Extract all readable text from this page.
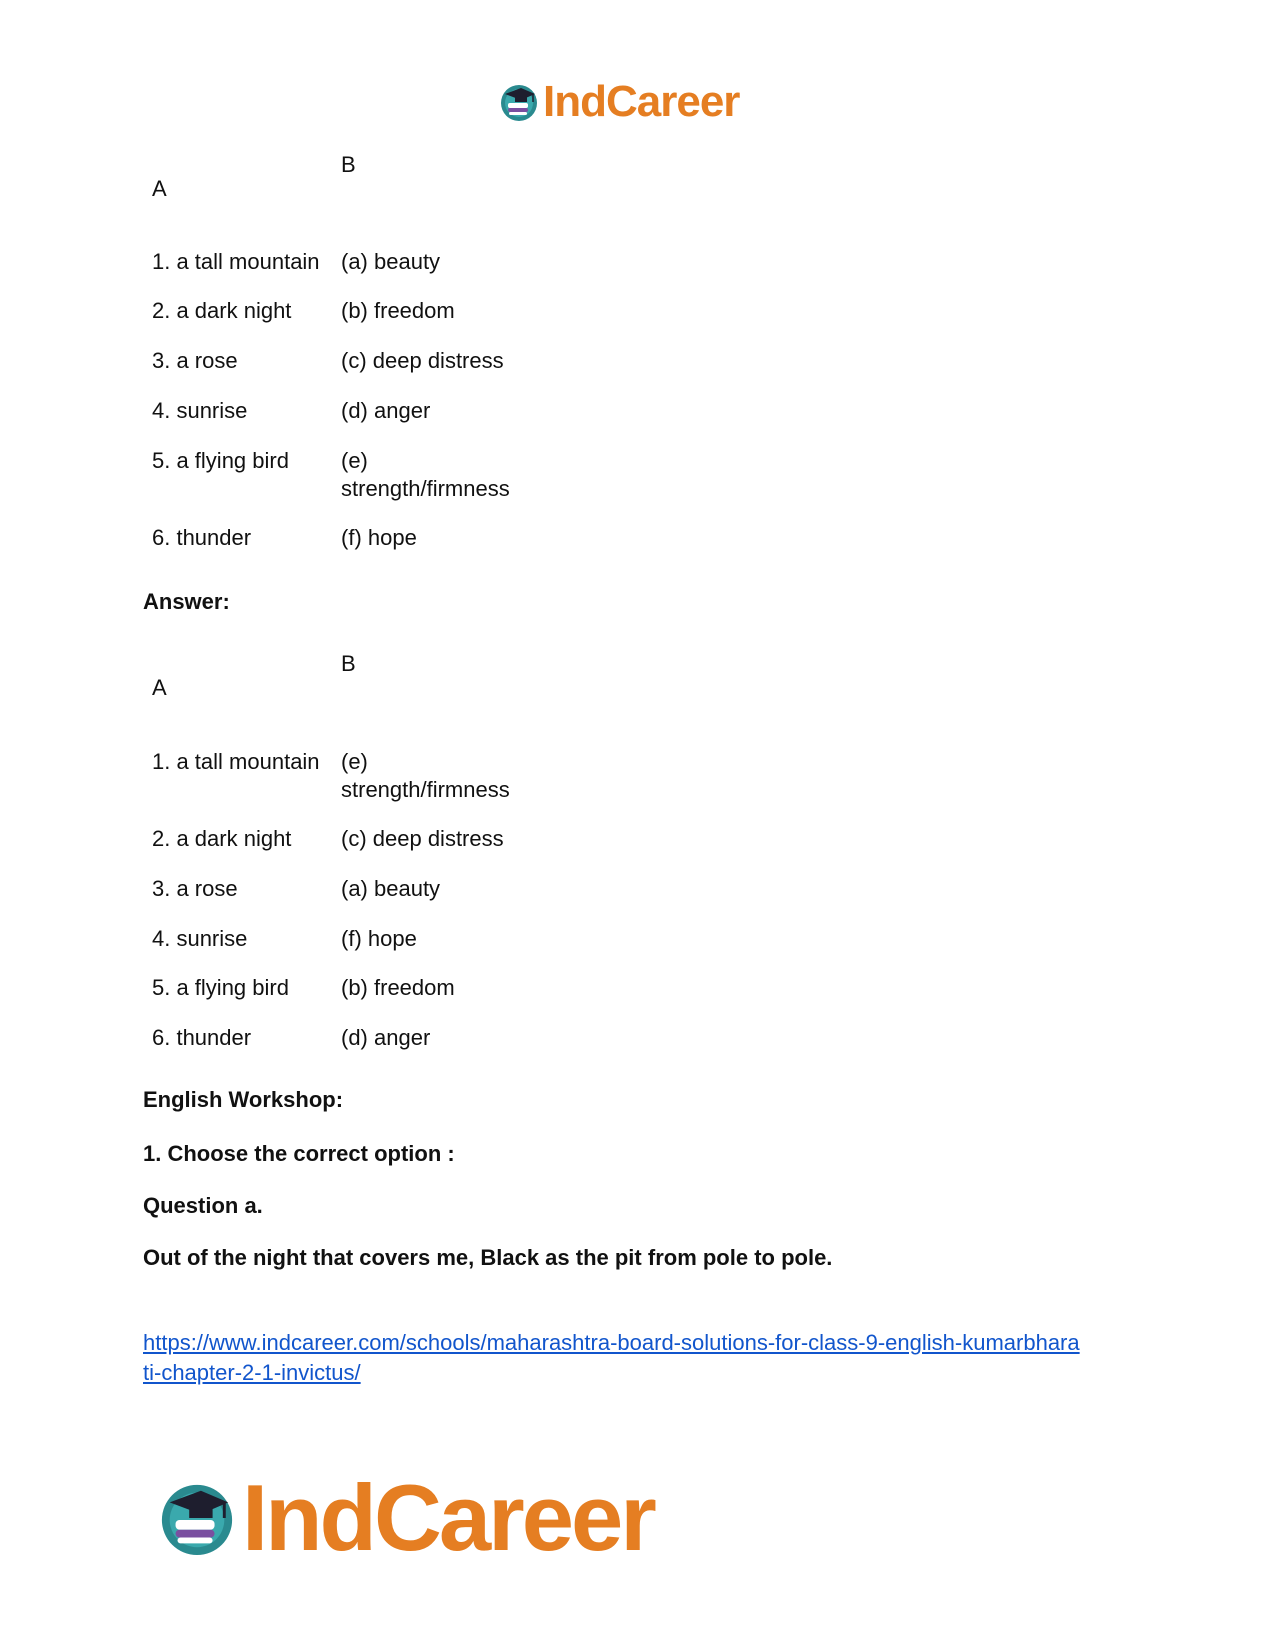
IndCareer
B
A
1. a tall mountain (a) beauty
2. a dark night (b) freedom
3. a rose	(c) deep distress
4. sunrise	(d) anger
5. a flying bird (e)
strength/firmness
6. thunder	(f) hope
Answer:
B
A
1. a tall mountain (e)
strength/firmness
2. a dark night (c) deep distress
3. a rose	(a) beauty
4. sunrise	(f) hope
5. a flying bird (b) freedom
6. thunder	(d) anger
English Workshop:
1. Choose the correct option :
Question a.
Out of the night that covers me, Black as the pit from pole to pole.
https://www.indcareer.com/schools/maharashtra-board-solutions-for-class-9-english-kumarbhara
ti-chapter-2-1-invictus/
IndCareer
